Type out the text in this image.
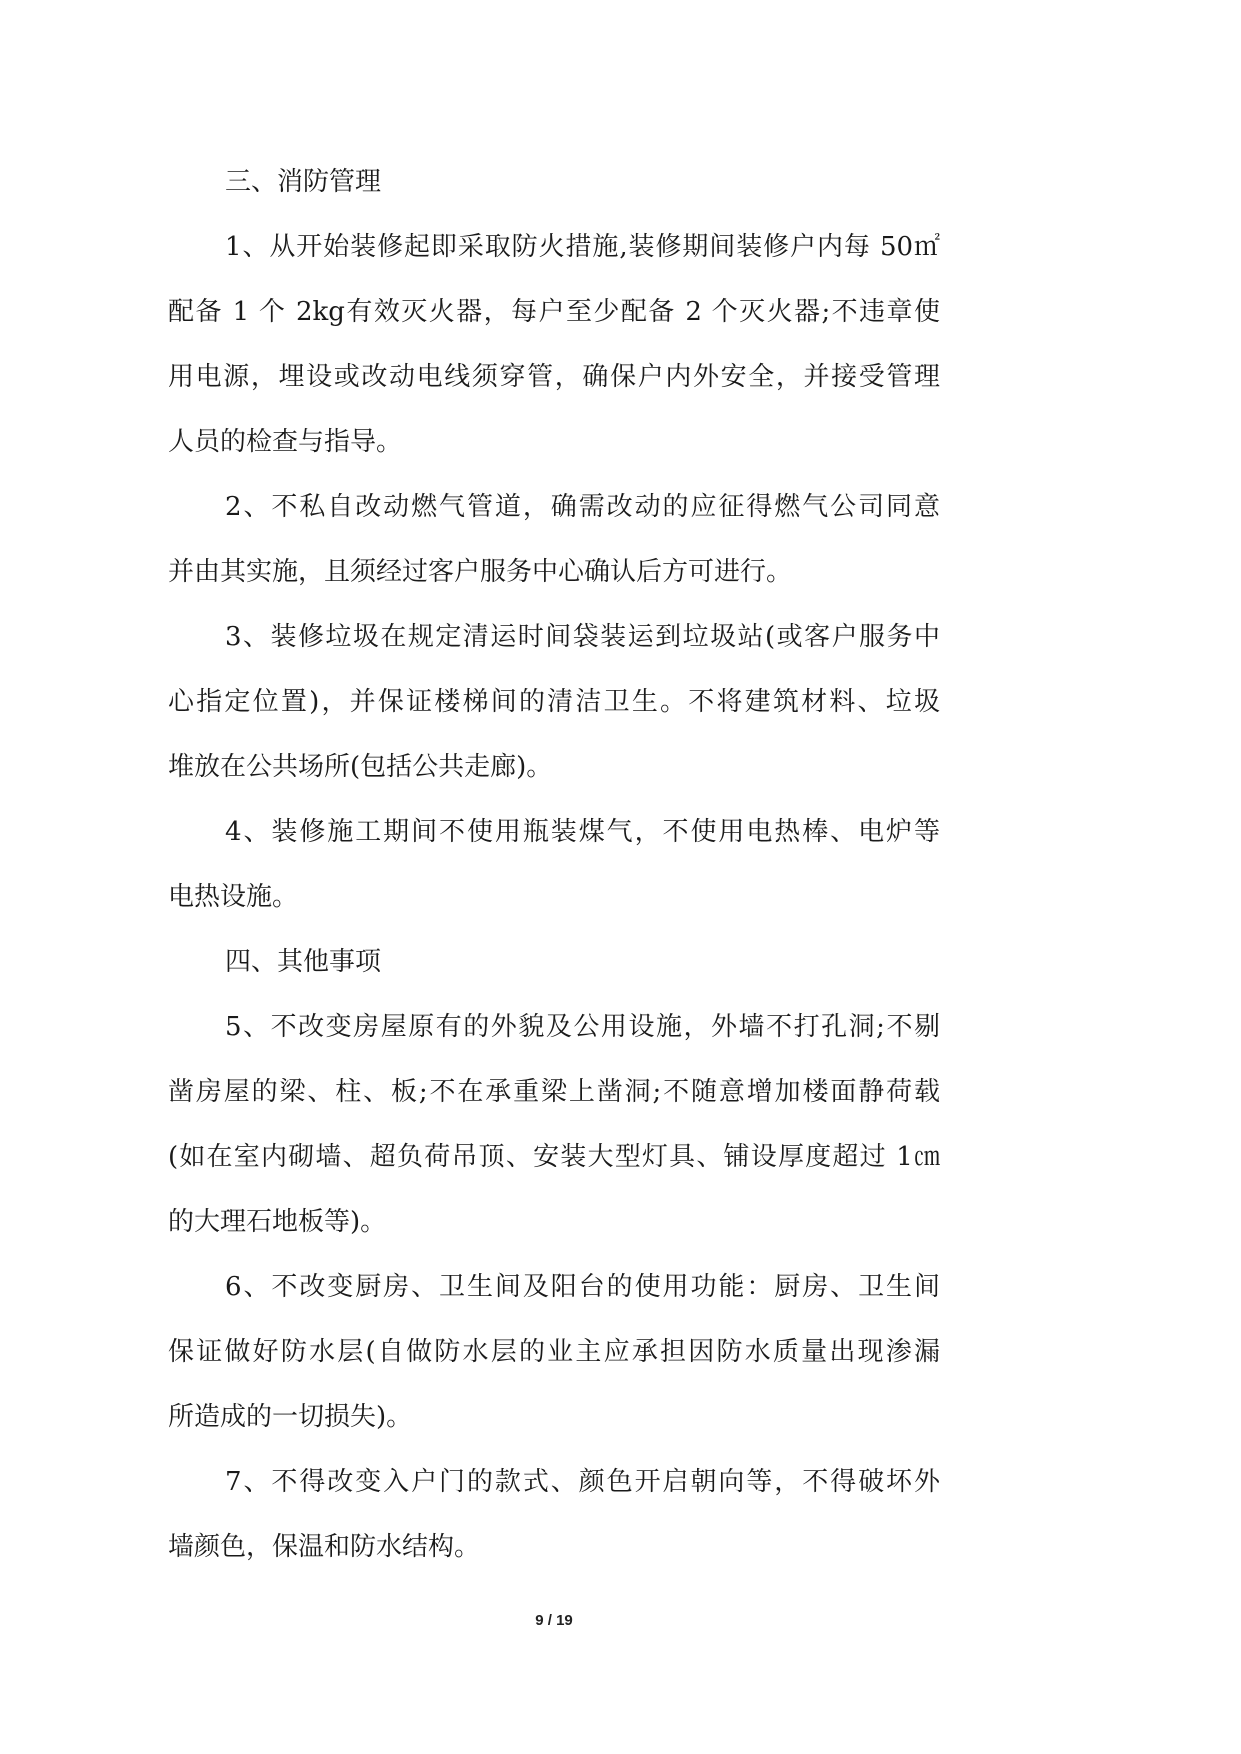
三、消防管理
1、从开始装修起即采取防火措施,装修期间装修户内每 50㎡
配备 1 个 2kg有效灭火器，每户至少配备 2 个灭火器;不违章使
用电源，埋设或改动电线须穿管，确保户内外安全，并接受管理
人员的检查与指导。
2、不私自改动燃气管道，确需改动的应征得燃气公司同意
并由其实施，且须经过客户服务中心确认后方可进行。
3、装修垃圾在规定清运时间袋装运到垃圾站(或客户服务中
心指定位置)，并保证楼梯间的清洁卫生。不将建筑材料、垃圾
堆放在公共场所(包括公共走廊)。
4、装修施工期间不使用瓶装煤气，不使用电热棒、电炉等
电热设施。
四、其他事项
5、不改变房屋原有的外貌及公用设施，外墙不打孔洞;不剔
凿房屋的梁、柱、板;不在承重梁上凿洞;不随意增加楼面静荷载
(如在室内砌墙、超负荷吊顶、安装大型灯具、铺设厚度超过 1㎝
的大理石地板等)。
6、不改变厨房、卫生间及阳台的使用功能：厨房、卫生间
保证做好防水层(自做防水层的业主应承担因防水质量出现渗漏
所造成的一切损失)。
7、不得改变入户门的款式、颜色开启朝向等，不得破坏外
墙颜色，保温和防水结构。
9 / 19
